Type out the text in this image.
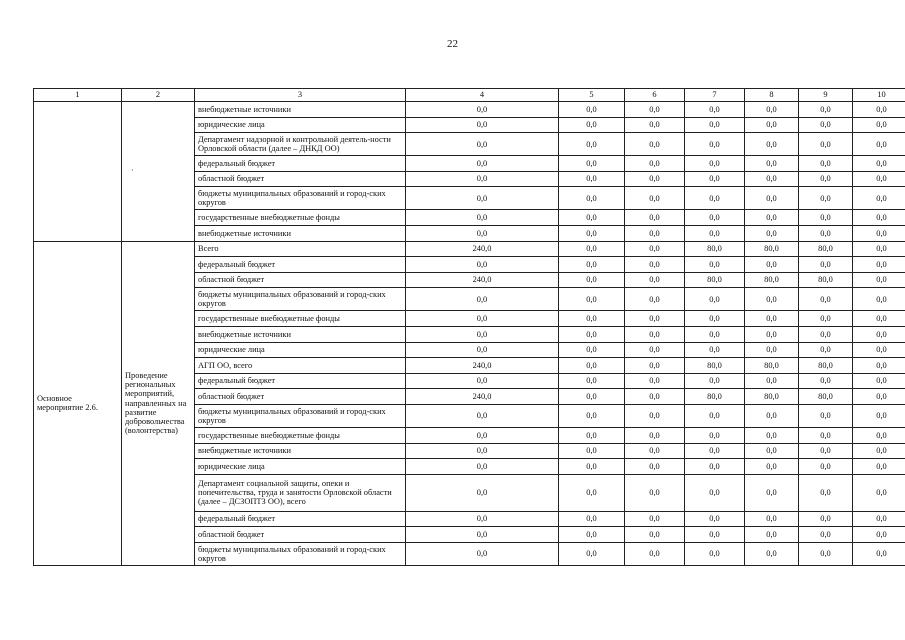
22
1	2	3	4	5	6	7	8	9	10

	·	внебюджетные источники	0,0	0,0	0,0	0,0	0,0	0,0	0,0
		юридические лица	0,0	0,0	0,0	0,0	0,0	0,0	0,0
		Департамент надзорной и контрольной деятель-ности Орловской области (далее – ДНКД ОО)	0,0	0,0	0,0	0,0	0,0	0,0	0,0
		федеральный бюджет	0,0	0,0	0,0	0,0	0,0	0,0	0,0
		областной бюджет	0,0	0,0	0,0	0,0	0,0	0,0	0,0
		бюджеты муниципальных образований и город-ских округов	0,0	0,0	0,0	0,0	0,0	0,0	0,0
		государственные внебюджетные фонды	0,0	0,0	0,0	0,0	0,0	0,0	0,0
		внебюджетные источники	0,0	0,0	0,0	0,0	0,0	0,0	0,0
Основное мероприятие 2.6.	Проведение региональных мероприятий, направленных на развитие добровольчества (волонтерства)	Всего	240,0	0,0	0,0	80,0	80,0	80,0	0,0
		федеральный бюджет	0,0	0,0	0,0	0,0	0,0	0,0	0,0
		областной бюджет	240,0	0,0	0,0	80,0	80,0	80,0	0,0
		бюджеты муниципальных образований и город-ских округов	0,0	0,0	0,0	0,0	0,0	0,0	0,0
		государственные внебюджетные фонды	0,0	0,0	0,0	0,0	0,0	0,0	0,0
		внебюджетные источники	0,0	0,0	0,0	0,0	0,0	0,0	0,0
		юридические лица	0,0	0,0	0,0	0,0	0,0	0,0	0,0
		АГП ОО, всего	240,0	0,0	0,0	80,0	80,0	80,0	0,0
		федеральный бюджет	0,0	0,0	0,0	0,0	0,0	0,0	0,0
		областной бюджет	240,0	0,0	0,0	80,0	80,0	80,0	0,0
		бюджеты муниципальных образований и город-ских округов	0,0	0,0	0,0	0,0	0,0	0,0	0,0
		государственные внебюджетные фонды	0,0	0,0	0,0	0,0	0,0	0,0	0,0
		внебюджетные источники	0,0	0,0	0,0	0,0	0,0	0,0	0,0
		юридические лица	0,0	0,0	0,0	0,0	0,0	0,0	0,0
		Департамент социальной защиты, опеки и попечительства, труда и занятости Орловской области (далее – ДСЗОПТЗ ОО), всего	0,0	0,0	0,0	0,0	0,0	0,0	0,0
		федеральный бюджет	0,0	0,0	0,0	0,0	0,0	0,0	0,0
		областной бюджет	0,0	0,0	0,0	0,0	0,0	0,0	0,0
		бюджеты муниципальных образований и город-ских округов	0,0	0,0	0,0	0,0	0,0	0,0	0,0
